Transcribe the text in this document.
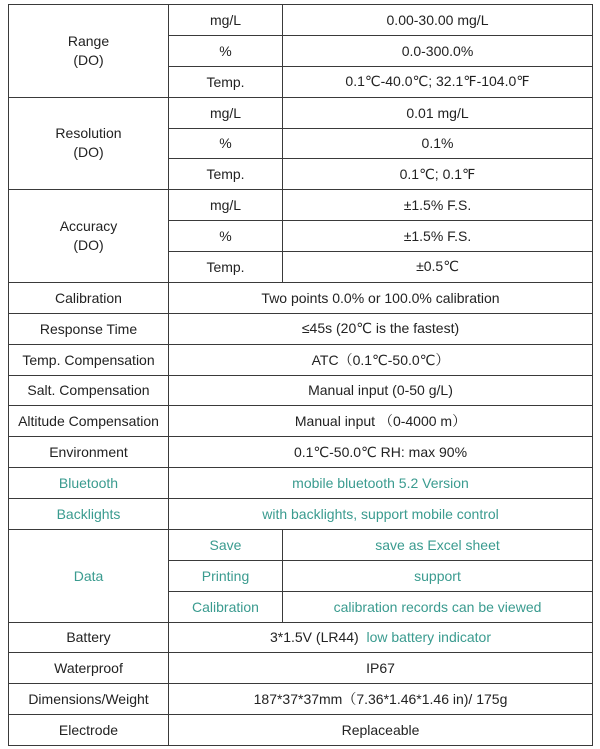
Range
(DO)	mg/L	0.00-30.00 mg/L
	%	0.0-300.0%
	Temp.	0.1℃-40.0℃; 32.1℉-104.0℉

Resolution
(DO)	mg/L	0.01 mg/L
	%	0.1%
	Temp.	0.1℃; 0.1℉

Accuracy
(DO)	mg/L	±1.5% F.S.
	%	±1.5% F.S.
	Temp.	±0.5℃
Calibration	Two points 0.0% or 100.0% calibration	
Response Time	≤45s (20℃ is the fastest)	
Temp. Compensation	ATC（0.1℃-50.0℃）	
Salt. Compensation	Manual input (0-50 g/L)	
Altitude Compensation	Manual input （0-4000 m）	
Environment	0.1℃-50.0℃ RH: max 90%	
Bluetooth	mobile bluetooth 5.2 Version	
Backlights	with backlights, support mobile control	
Data	Save	save as Excel sheet
	Printing	support
	Calibration	calibration records can be viewed
Battery	3*1.5V (LR44) low battery indicator	
Waterproof	IP67	
Dimensions/Weight	187*37*37mm（7.36*1.46*1.46 in)/ 175g	
Electrode	Replaceable	
